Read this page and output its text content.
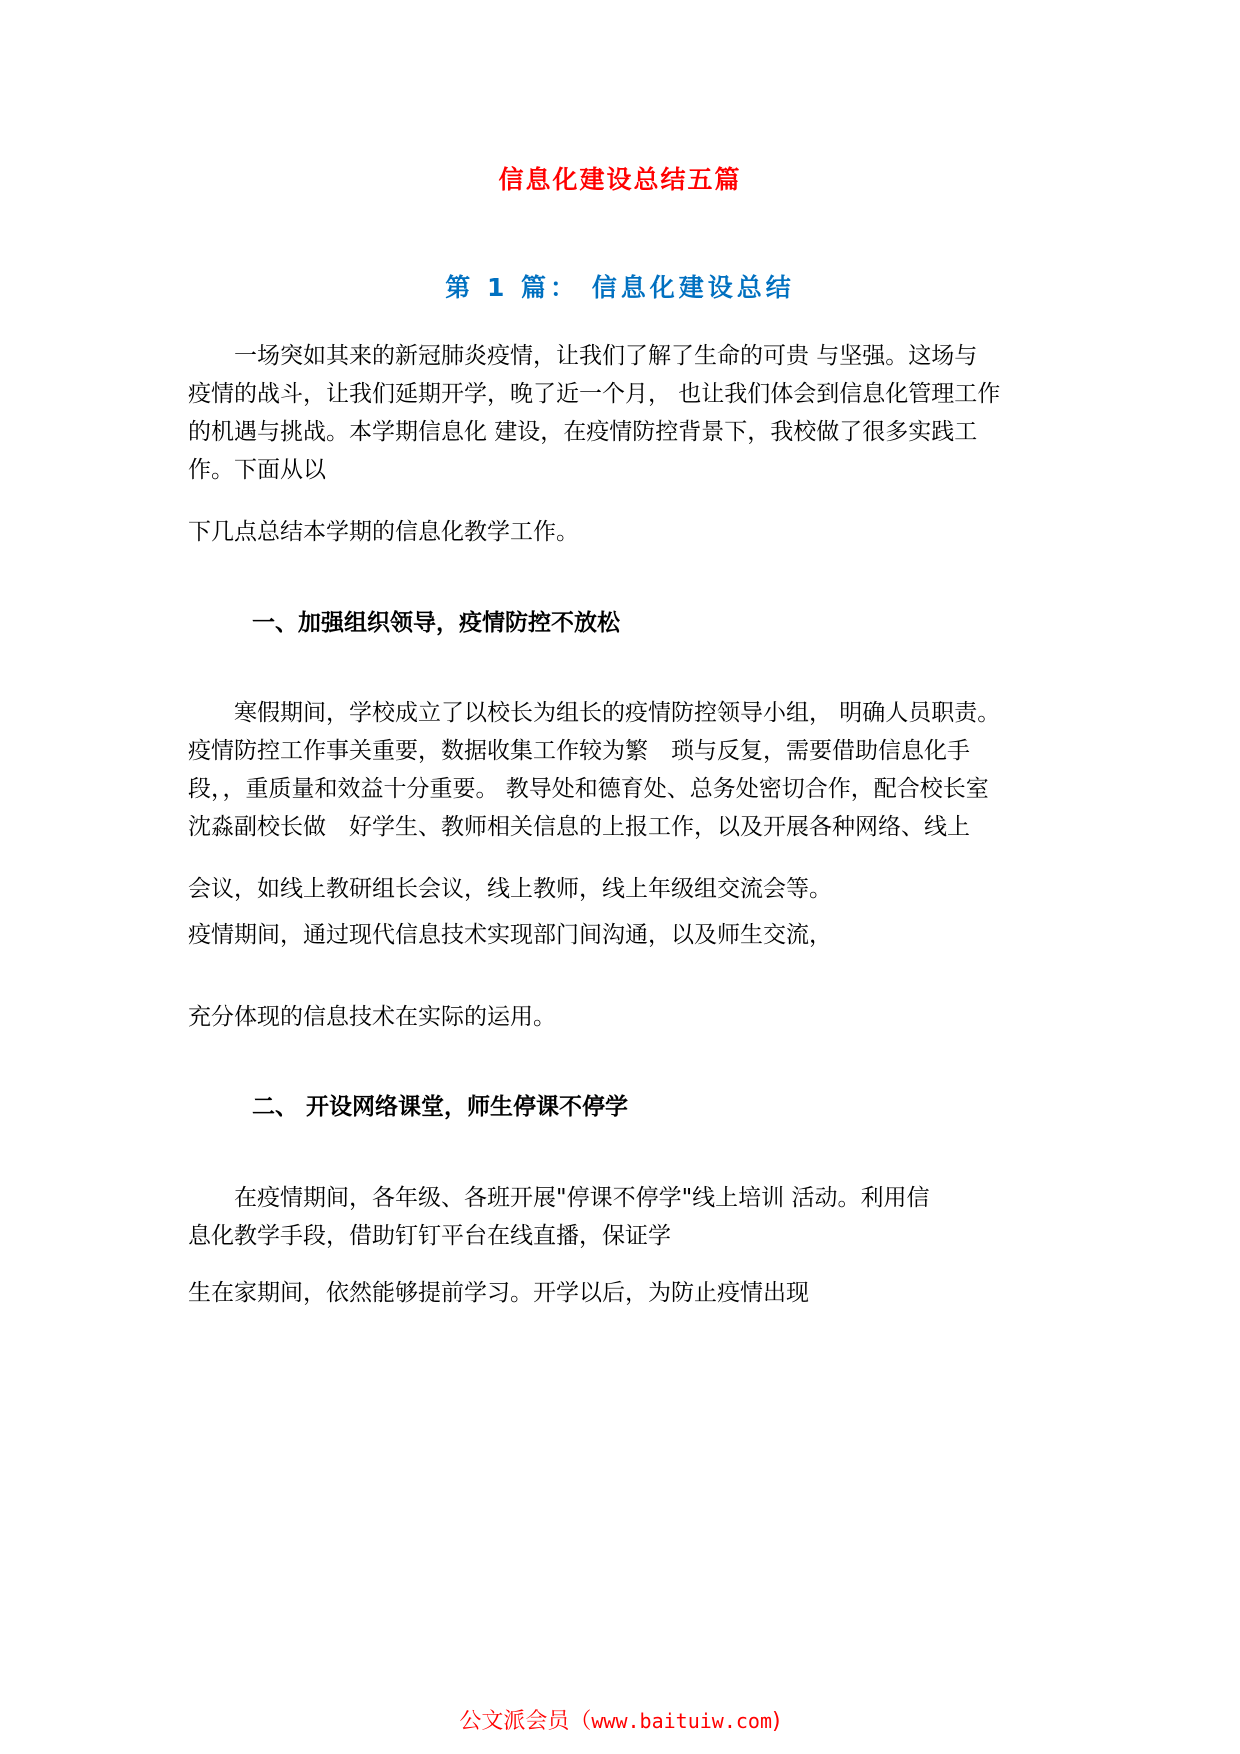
信息化建设总结五篇
第 1 篇： 信息化建设总结

　　一场突如其来的新冠肺炎疫情，让我们了解了生命的可贵 与坚强。这场与
疫情的战斗，让我们延期开学，晚了近一个月， 也让我们体会到信息化管理工作
的机遇与挑战。本学期信息化 建设，在疫情防控背景下，我校做了很多实践工
作。下面从以

下几点总结本学期的信息化教学工作。

一、加强组织领导，疫情防控不放松

　　寒假期间，学校成立了以校长为组长的疫情防控领导小组， 明确人员职责。
疫情防控工作事关重要，数据收集工作较为繁　琐与反复，需要借助信息化手
段，，重质量和效益十分重要。 教导处和德育处、总务处密切合作，配合校长室
沈淼副校长做　好学生、教师相关信息的上报工作，以及开展各种网络、线上

会议，如线上教研组长会议，线上教师，线上年级组交流会等。
疫情期间，通过现代信息技术实现部门间沟通，以及师生交流，

充分体现的信息技术在实际的运用。

二、 开设网络课堂，师生停课不停学

　　在疫情期间，各年级、各班开展"停课不停学"线上培训 活动。利用信
息化教学手段，借助钉钉平台在线直播，保证学

生在家期间，依然能够提前学习。开学以后，为防止疫情出现

公文派会员（www.baituiw.com)
